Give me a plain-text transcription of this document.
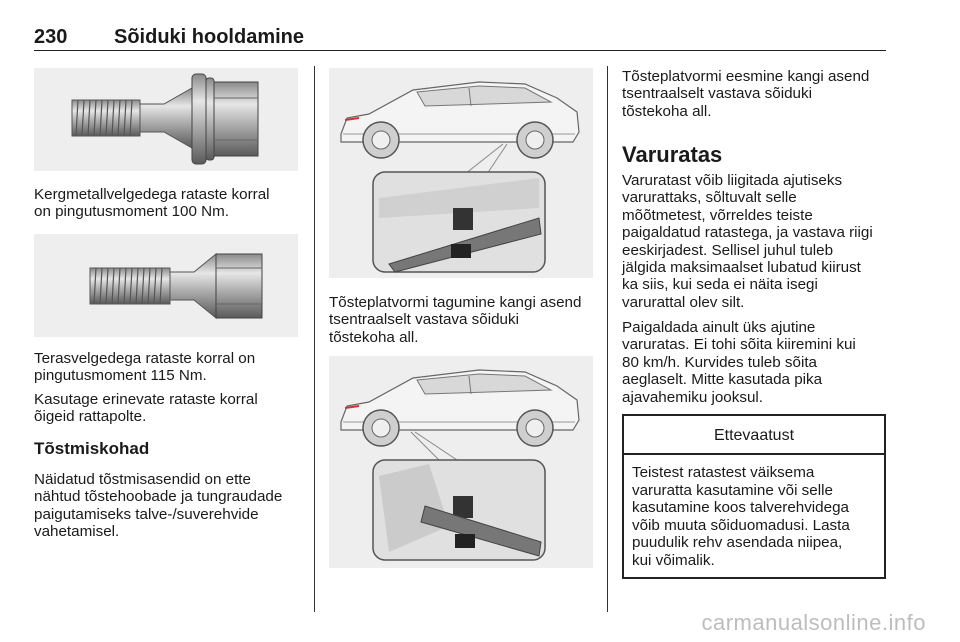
230 Sõiduki hooldamine
Kergmetallvelgedega rataste korral
on pingutusmoment 100 Nm.
Terasvelgedega rataste korral on
pingutusmoment 115 Nm.
Kasutage erinevate rataste korral
õigeid rattapolte.
Tõstmiskohad
Näidatud tõstmisasendid on ette
nähtud tõstehoobade ja tungraudade
paigutamiseks talve-/suverehvide
vahetamisel.
Tõsteplatvormi tagumine kangi asend
tsentraalselt vastava sõiduki
tõstekoha all.
Tõsteplatvormi eesmine kangi asend
tsentraalselt vastava sõiduki
tõstekoha all.
Varuratas
Varuratast võib liigitada ajutiseks
varurattaks, sõltuvalt selle
mõõtmetest, võrreldes teiste
paigaldatud ratastega, ja vastava riigi
eeskirjadest. Sellisel juhul tuleb
jälgida maksimaalset lubatud kiirust
ka siis, kui seda ei näita isegi
varurattal olev silt.
Paigaldada ainult üks ajutine
varuratas. Ei tohi sõita kiiremini kui
80 km/h. Kurvides tuleb sõita
aeglaselt. Mitte kasutada pika
ajavahemiku jooksul.
Ettevaatust
Teistest ratastest väiksema
varuratta kasutamine või selle
kasutamine koos talverehvidega
võib muuta sõiduomadusi. Lasta
puudulik rehv asendada niipea,
kui võimalik.
carmanualsonline.info
